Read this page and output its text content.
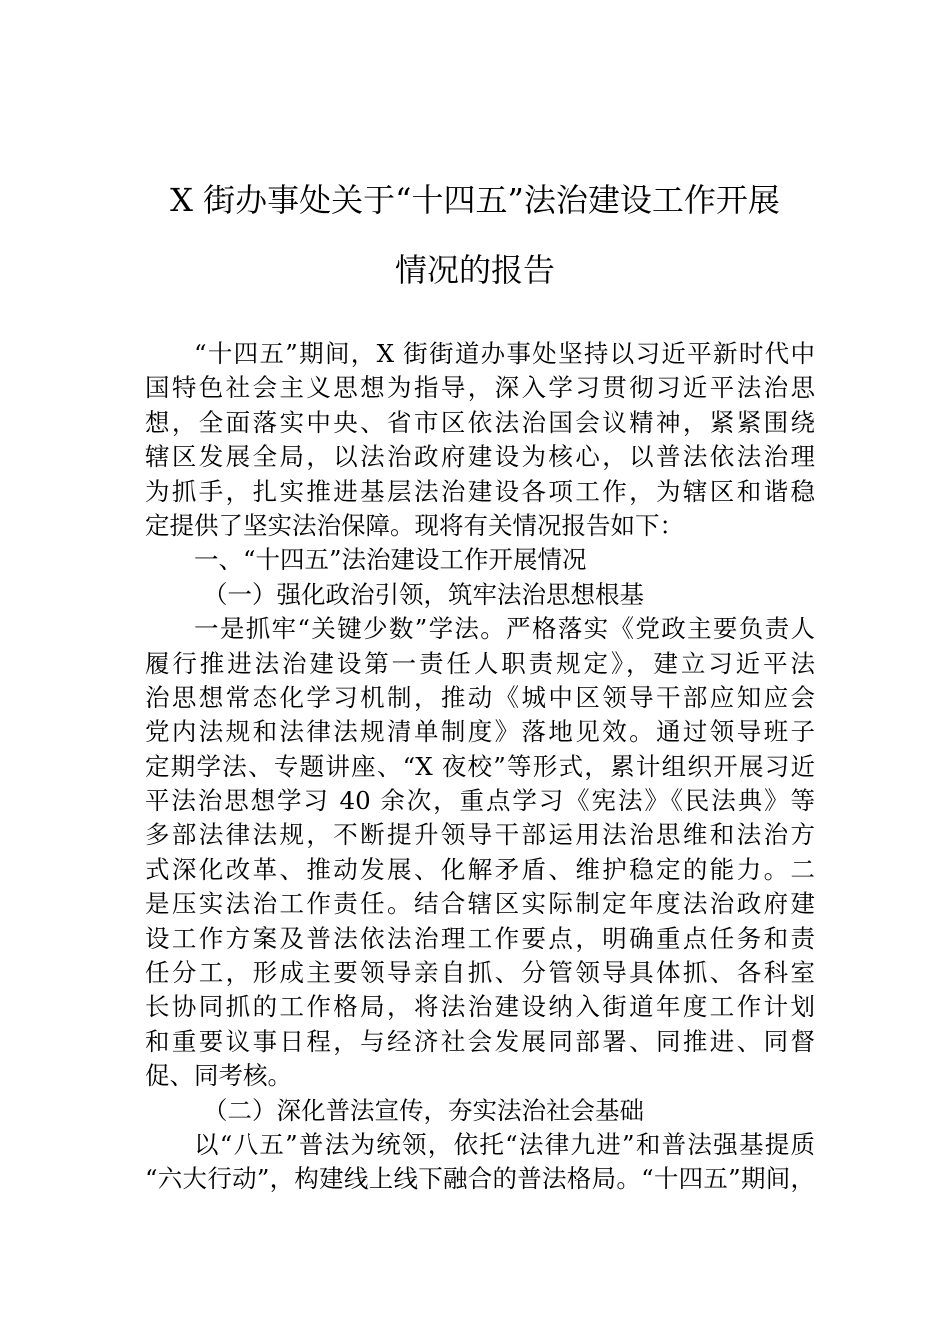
X 街办事处关于“十四五”法治建设工作开展
情况的报告
“十四五”期间，X 街街道办事处坚持以习近平新时代中
国特色社会主义思想为指导，深入学习贯彻习近平法治思
想，全面落实中央、省市区依法治国会议精神，紧紧围绕
辖区发展全局，以法治政府建设为核心，以普法依法治理
为抓手，扎实推进基层法治建设各项工作，为辖区和谐稳
定提供了坚实法治保障。现将有关情况报告如下：
一、“十四五”法治建设工作开展情况
（一）强化政治引领，筑牢法治思想根基
一是抓牢“关键少数”学法。严格落实《党政主要负责人
履行推进法治建设第一责任人职责规定》，建立习近平法
治思想常态化学习机制，推动《城中区领导干部应知应会
党内法规和法律法规清单制度》落地见效。通过领导班子
定期学法、专题讲座、“X 夜校”等形式，累计组织开展习近
平法治思想学习 40 余次，重点学习《宪法》《民法典》等
多部法律法规，不断提升领导干部运用法治思维和法治方
式深化改革、推动发展、化解矛盾、维护稳定的能力。二
是压实法治工作责任。结合辖区实际制定年度法治政府建
设工作方案及普法依法治理工作要点，明确重点任务和责
任分工，形成主要领导亲自抓、分管领导具体抓、各科室
长协同抓的工作格局，将法治建设纳入街道年度工作计划
和重要议事日程，与经济社会发展同部署、同推进、同督
促、同考核。
（二）深化普法宣传，夯实法治社会基础
以“八五”普法为统领，依托“法律九进”和普法强基提质
“六大行动”，构建线上线下融合的普法格局。“十四五”期间，
